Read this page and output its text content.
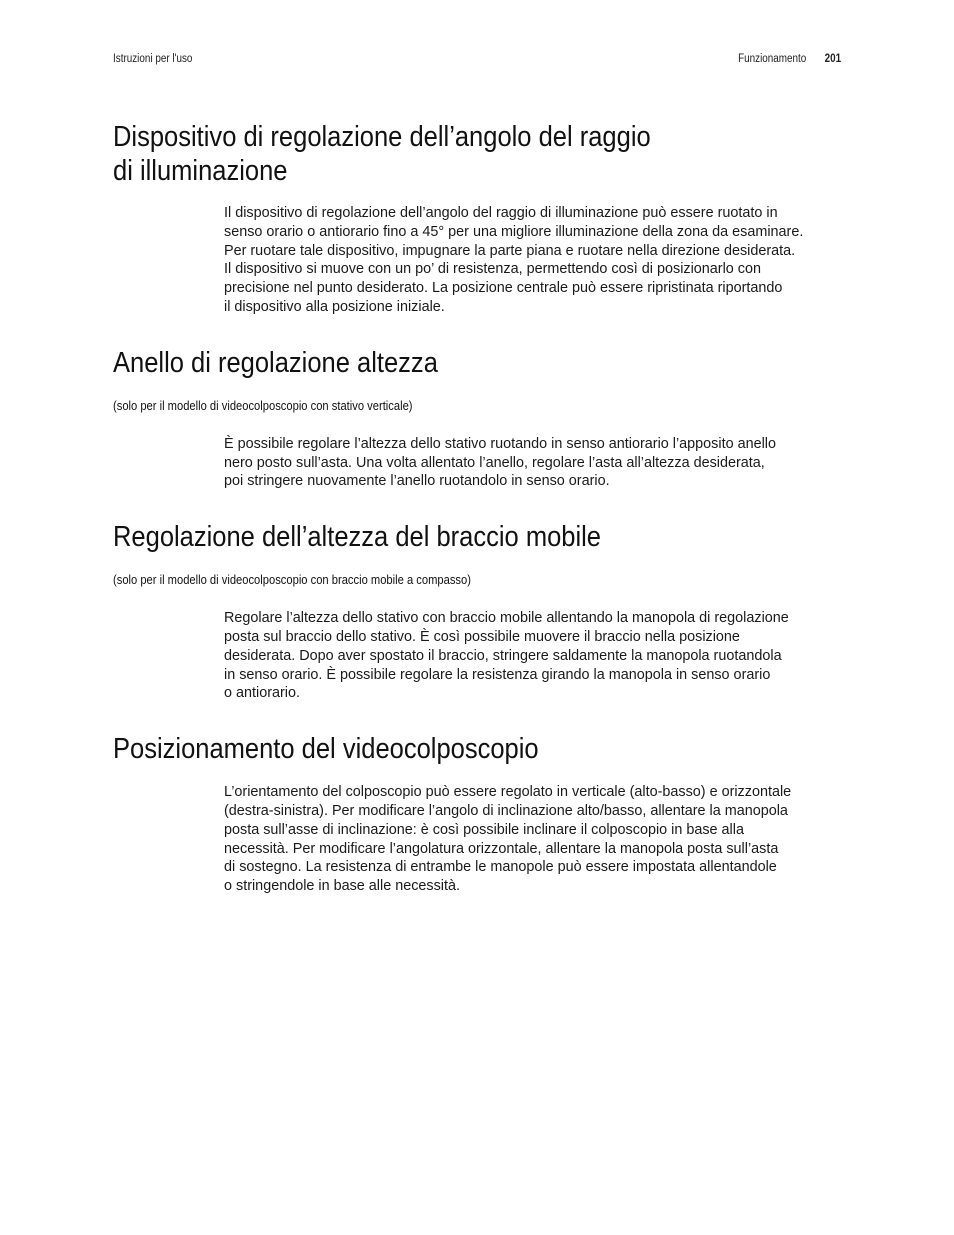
Istruzioni per l'uso	Funzionamento 201
Dispositivo di regolazione dell’angolo del raggio
di illuminazione

Il dispositivo di regolazione dell’angolo del raggio di illuminazione può essere ruotato in
senso orario o antiorario fino a 45° per una migliore illuminazione della zona da esaminare.
Per ruotare tale dispositivo, impugnare la parte piana e ruotare nella direzione desiderata.
Il dispositivo si muove con un po’ di resistenza, permettendo così di posizionarlo con
precisione nel punto desiderato. La posizione centrale può essere ripristinata riportando
il dispositivo alla posizione iniziale.

Anello di regolazione altezza
(solo per il modello di videocolposcopio con stativo verticale)

È possibile regolare l’altezza dello stativo ruotando in senso antiorario l’apposito anello
nero posto sull’asta. Una volta allentato l’anello, regolare l’asta all’altezza desiderata,
poi stringere nuovamente l’anello ruotandolo in senso orario.

Regolazione dell’altezza del braccio mobile
(solo per il modello di videocolposcopio con braccio mobile a compasso)

Regolare l’altezza dello stativo con braccio mobile allentando la manopola di regolazione
posta sul braccio dello stativo. È così possibile muovere il braccio nella posizione
desiderata. Dopo aver spostato il braccio, stringere saldamente la manopola ruotandola
in senso orario. È possibile regolare la resistenza girando la manopola in senso orario
o antiorario.

Posizionamento del videocolposcopio

L’orientamento del colposcopio può essere regolato in verticale (alto-basso) e orizzontale
(destra-sinistra). Per modificare l’angolo di inclinazione alto/basso, allentare la manopola
posta sull’asse di inclinazione: è così possibile inclinare il colposcopio in base alla
necessità. Per modificare l’angolatura orizzontale, allentare la manopola posta sull’asta
di sostegno. La resistenza di entrambe le manopole può essere impostata allentandole
o stringendole in base alle necessità.
